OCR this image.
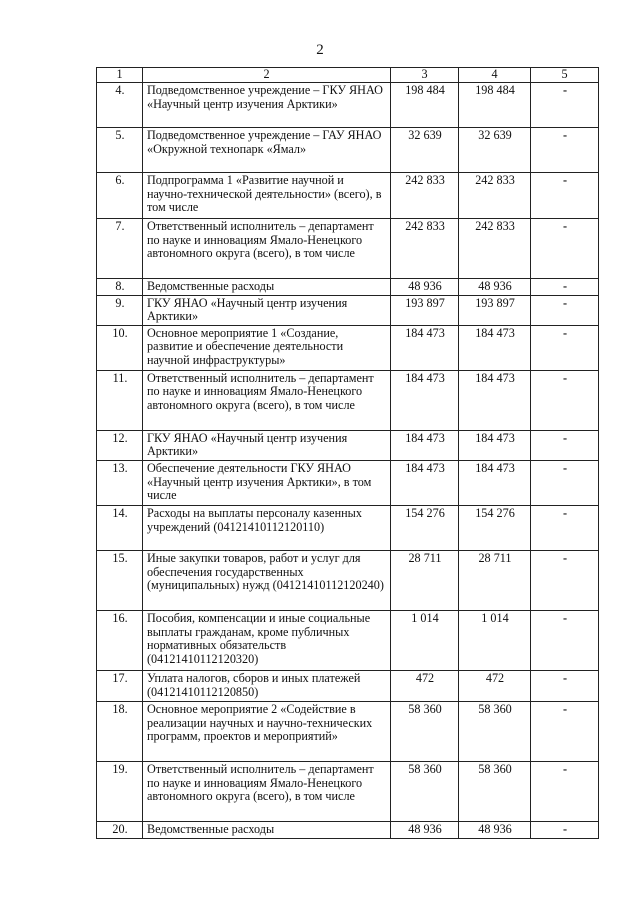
2
1	2	3	4	5
4.	Подведомственное учреждение – ГКУ ЯНАО «Научный центр изучения Арктики»	198 484	198 484	-
5.	Подведомственное учреждение – ГАУ ЯНАО «Окружной технопарк «Ямал»	32 639	32 639	-
6.	Подпрограмма 1 «Развитие научной и научно-технической деятельности» (всего), в том числе	242 833	242 833	-
7.	Ответственный исполнитель – департамент по науке и инновациям Ямало-Ненецкого автономного округа (всего), в том числе	242 833	242 833	-
8.	Ведомственные расходы	48 936	48 936	-
9.	ГКУ ЯНАО «Научный центр изучения Арктики»	193 897	193 897	-
10.	Основное мероприятие 1 «Создание, развитие и обеспечение деятельности научной инфраструктуры»	184 473	184 473	-
11.	Ответственный исполнитель – департамент по науке и инновациям Ямало-Ненецкого автономного округа (всего), в том числе	184 473	184 473	-
12.	ГКУ ЯНАО «Научный центр изучения Арктики»	184 473	184 473	-
13.	Обеспечение деятельности ГКУ ЯНАО «Научный центр изучения Арктики», в том числе	184 473	184 473	-
14.	Расходы на выплаты персоналу казенных учреждений (04121410112120110)	154 276	154 276	-
15.	Иные закупки товаров, работ и услуг для обеспечения государственных (муниципальных) нужд (04121410112120240)	28 711	28 711	-
16.	Пособия, компенсации и иные социальные выплаты гражданам, кроме публичных нормативных обязательств (04121410112120320)	1 014	1 014	-
17.	Уплата налогов, сборов и иных платежей (04121410112120850)	472	472	-
18.	Основное мероприятие 2 «Содействие в реализации научных и научно-технических программ, проектов и мероприятий»	58 360	58 360	-
19.	Ответственный исполнитель – департамент по науке и инновациям Ямало-Ненецкого автономного округа (всего), в том числе	58 360	58 360	-
20.	Ведомственные расходы	48 936	48 936	-
